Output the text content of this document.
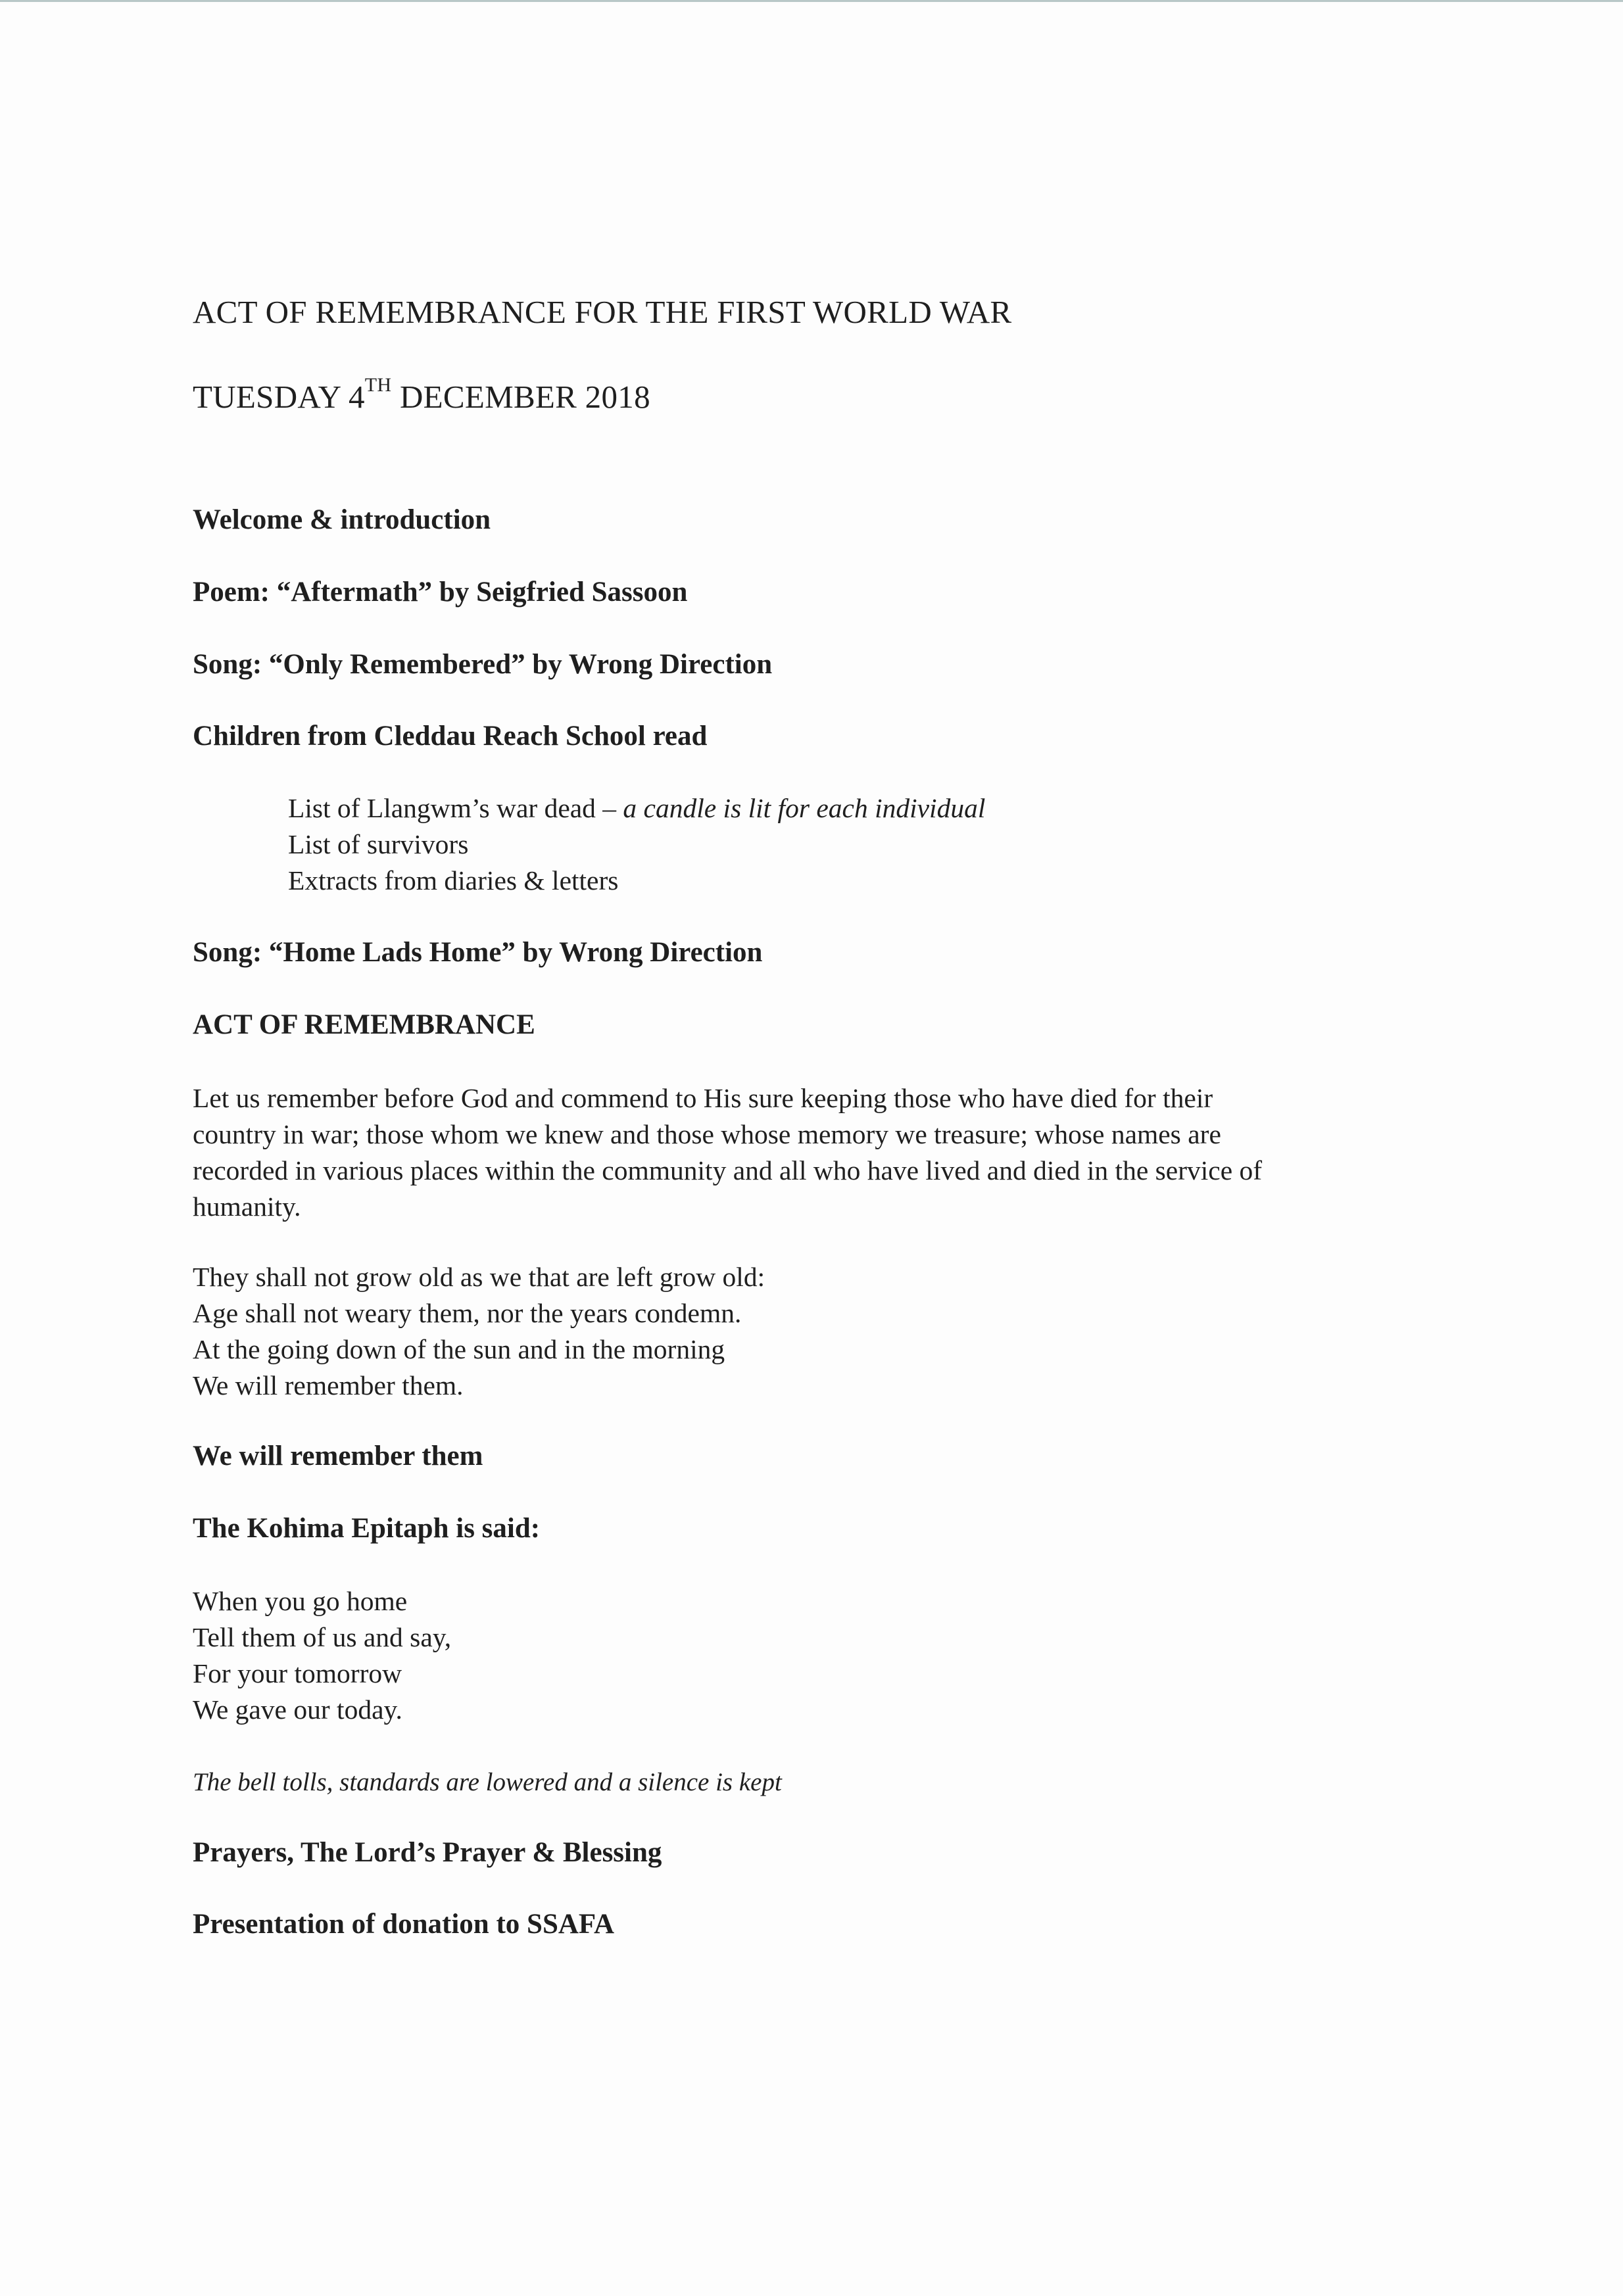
ACT OF REMEMBRANCE FOR THE FIRST WORLD WAR
TUESDAY 4TH DECEMBER 2018

Welcome & introduction

Poem: “Aftermath” by Seigfried Sassoon

Song: “Only Remembered” by Wrong Direction

Children from Cleddau Reach School read

List of Llangwm’s war dead – a candle is lit for each individual
List of survivors
Extracts from diaries & letters

Song: “Home Lads Home” by Wrong Direction

ACT OF REMEMBRANCE

Let us remember before God and commend to His sure keeping those who have died for their
country in war; those whom we knew and those whose memory we treasure; whose names are
recorded in various places within the community and all who have lived and died in the service of
humanity.
They shall not grow old as we that are left grow old:
Age shall not weary them, nor the years condemn.
At the going down of the sun and in the morning
We will remember them.

We will remember them

The Kohima Epitaph is said:

When you go home
Tell them of us and say,
For your tomorrow
We gave our today.

The bell tolls, standards are lowered and a silence is kept

Prayers, The Lord’s Prayer & Blessing

Presentation of donation to SSAFA
